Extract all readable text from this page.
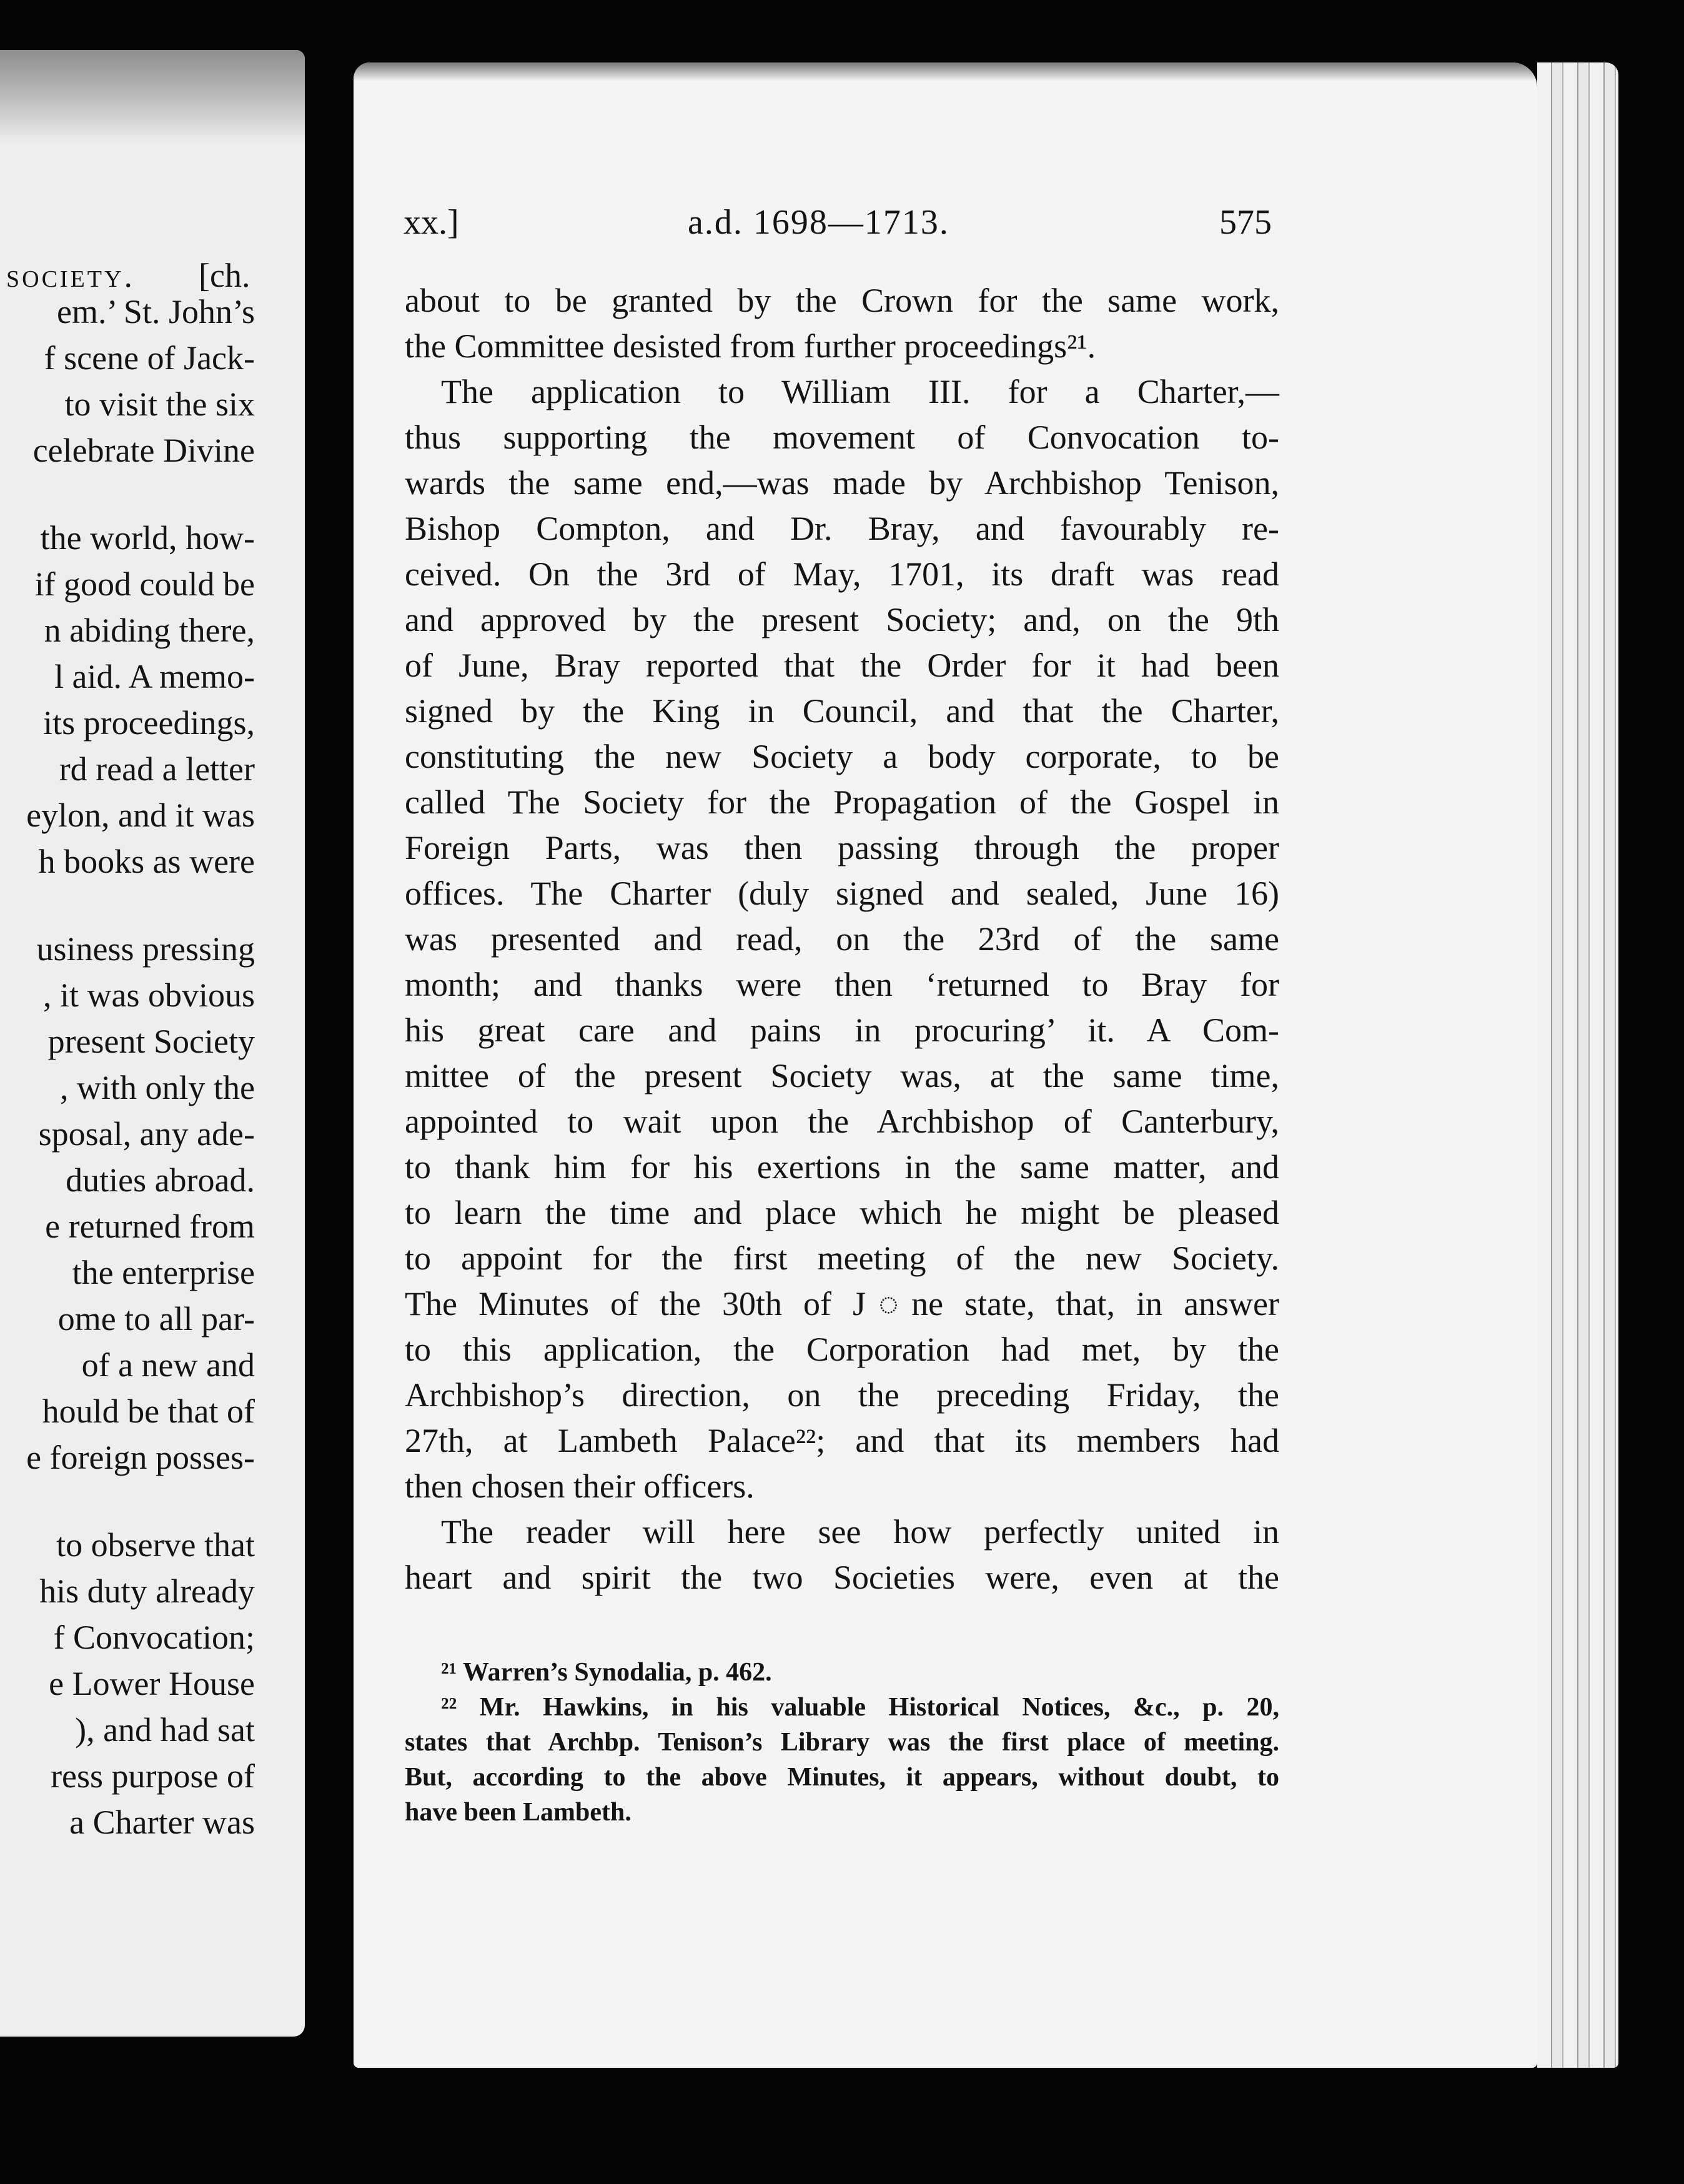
society. [ch.
em.’ St. John’s
f scene of Jack-
to visit the six
celebrate Divine
the world, how-
if good could be
n abiding there,
l aid. A memo-
its proceedings,
rd read a letter
eylon, and it was
h books as were
usiness pressing
, it was obvious
present Society
, with only the
sposal, any ade-
duties abroad.
e returned from
the enterprise
ome to all par-
of a new and
hould be that of
e foreign posses-
to observe that
his duty already
f Convocation;
e Lower House
), and had sat
ress purpose of
a Charter was
xx.]	a.d. 1698—1713.	575
about to be granted by the Crown for the same work,
the Committee desisted from further proceedings²¹.
The application to William III. for a Charter,—
thus supporting the movement of Convocation to-
wards the same end,—was made by Archbishop Tenison,
Bishop Compton, and Dr. Bray, and favourably re-
ceived. On the 3rd of May, 1701, its draft was read
and approved by the present Society; and, on the 9th
of June, Bray reported that the Order for it had been
signed by the King in Council, and that the Charter,
constituting the new Society a body corporate, to be
called The Society for the Propagation of the Gospel in
Foreign Parts, was then passing through the proper
offices. The Charter (duly signed and sealed, June 16)
was presented and read, on the 23rd of the same
month; and thanks were then ‘returned to Bray for
his great care and pains in procuring’ it. A Com-
mittee of the present Society was, at the same time,
appointed to wait upon the Archbishop of Canterbury,
to thank him for his exertions in the same matter, and
to learn the time and place which he might be pleased
to appoint for the first meeting of the new Society.
The Minutes of the 30th of J◌ne state, that, in answer
to this application, the Corporation had met, by the
Archbishop’s direction, on the preceding Friday, the
27th, at Lambeth Palace²²; and that its members had
then chosen their officers.
The reader will here see how perfectly united in
heart and spirit the two Societies were, even at the
²¹ Warren’s Synodalia, p. 462.
²² Mr. Hawkins, in his valuable Historical Notices, &c., p. 20,
states that Archbp. Tenison’s Library was the first place of meeting.
But, according to the above Minutes, it appears, without doubt, to
have been Lambeth.
